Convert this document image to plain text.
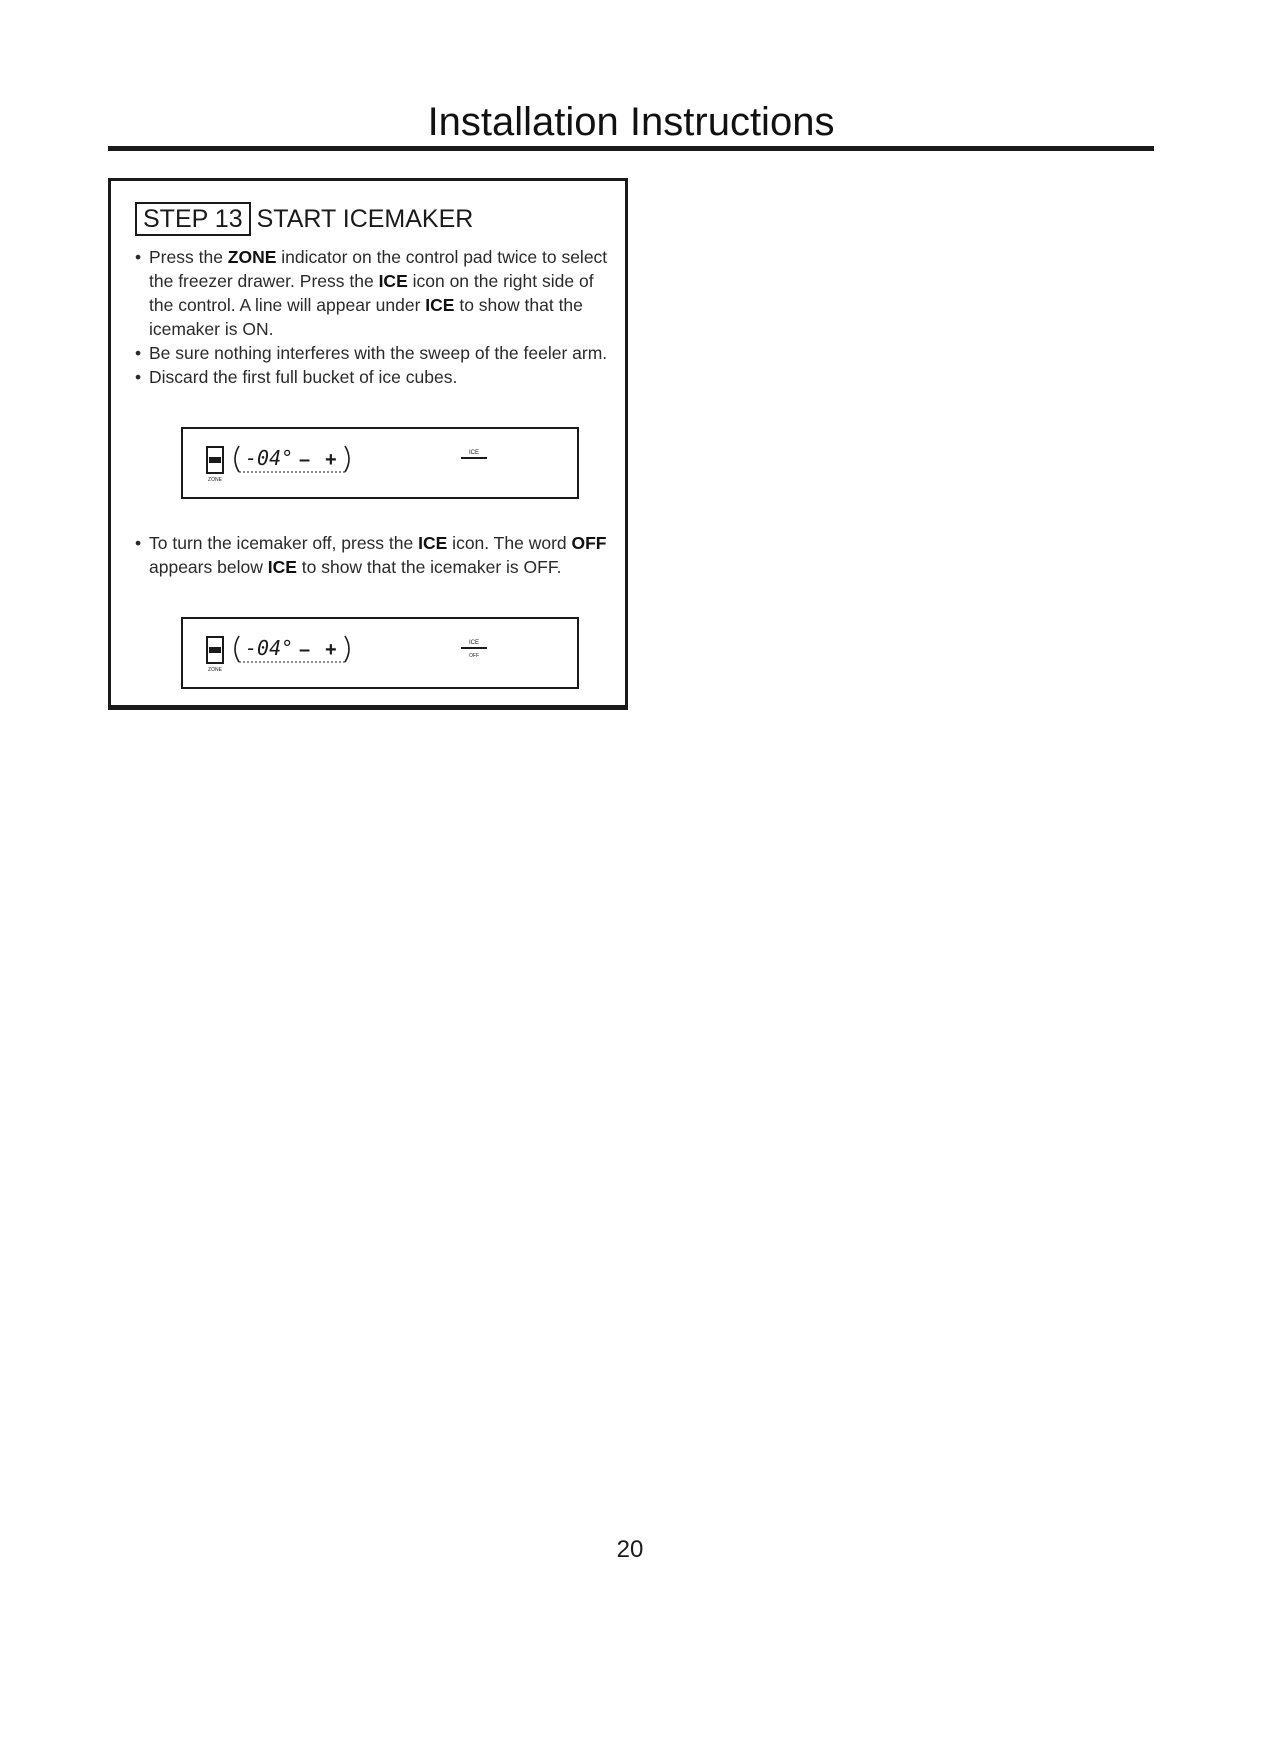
Installation Instructions
STEP 13 START ICEMAKER

• Press the ZONE indicator on the control pad twice to select the freezer drawer. Press the ICE icon on the right side of the control. A line will appear under ICE to show that the icemaker is ON.

• Be sure nothing interferes with the sweep of the feeler arm.

• Discard the first full bucket of ice cubes.

ZONE
-04° – +	ICE

• To turn the icemaker off, press the ICE icon. The word OFF appears below ICE to show that the icemaker is OFF.

ZONE
-04° – +	ICE
OFF
20
